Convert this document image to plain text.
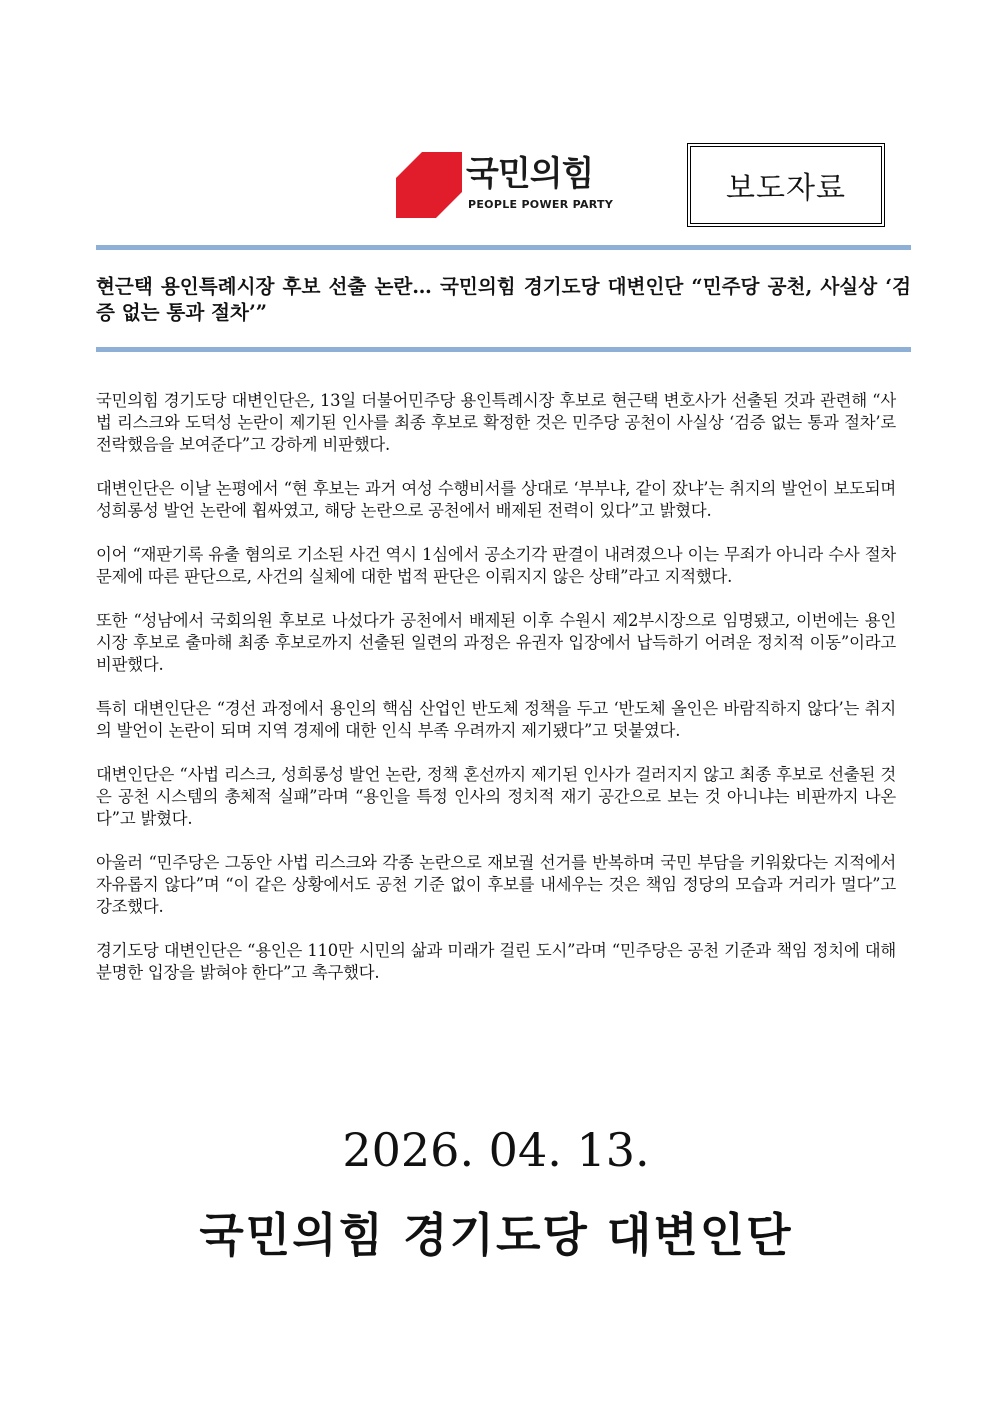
국민의힘
PEOPLE POWER PARTY	보도자료
현근택 용인특례시장 후보 선출 논란… 국민의힘 경기도당 대변인단 “민주당 공천, 사실상 ‘검증 없는 통과 절차’”

국민의힘 경기도당 대변인단은, 13일 더불어민주당 용인특례시장 후보로 현근택 변호사가 선출된 것과 관련해 “사법 리스크와 도덕성 논란이 제기된 인사를 최종 후보로 확정한 것은 민주당 공천이 사실상 ‘검증 없는 통과 절차’로 전락했음을 보여준다”고 강하게 비판했다.

대변인단은 이날 논평에서 “현 후보는 과거 여성 수행비서를 상대로 ‘부부냐, 같이 잤냐’는 취지의 발언이 보도되며 성희롱성 발언 논란에 휩싸였고, 해당 논란으로 공천에서 배제된 전력이 있다”고 밝혔다.

이어 “재판기록 유출 혐의로 기소된 사건 역시 1심에서 공소기각 판결이 내려졌으나 이는 무죄가 아니라 수사 절차 문제에 따른 판단으로, 사건의 실체에 대한 법적 판단은 이뤄지지 않은 상태”라고 지적했다.

또한 “성남에서 국회의원 후보로 나섰다가 공천에서 배제된 이후 수원시 제2부시장으로 임명됐고, 이번에는 용인시장 후보로 출마해 최종 후보로까지 선출된 일련의 과정은 유권자 입장에서 납득하기 어려운 정치적 이동”이라고 비판했다.

특히 대변인단은 “경선 과정에서 용인의 핵심 산업인 반도체 정책을 두고 ‘반도체 올인은 바람직하지 않다’는 취지의 발언이 논란이 되며 지역 경제에 대한 인식 부족 우려까지 제기됐다”고 덧붙였다.

대변인단은 “사법 리스크, 성희롱성 발언 논란, 정책 혼선까지 제기된 인사가 걸러지지 않고 최종 후보로 선출된 것은 공천 시스템의 총체적 실패”라며 “용인을 특정 인사의 정치적 재기 공간으로 보는 것 아니냐는 비판까지 나온다”고 밝혔다.

아울러 “민주당은 그동안 사법 리스크와 각종 논란으로 재보궐 선거를 반복하며 국민 부담을 키워왔다는 지적에서 자유롭지 않다”며 “이 같은 상황에서도 공천 기준 없이 후보를 내세우는 것은 책임 정당의 모습과 거리가 멀다”고 강조했다.

경기도당 대변인단은 “용인은 110만 시민의 삶과 미래가 걸린 도시”라며 “민주당은 공천 기준과 책임 정치에 대해 분명한 입장을 밝혀야 한다”고 촉구했다.

2026. 04. 13.
국민의힘 경기도당 대변인단
